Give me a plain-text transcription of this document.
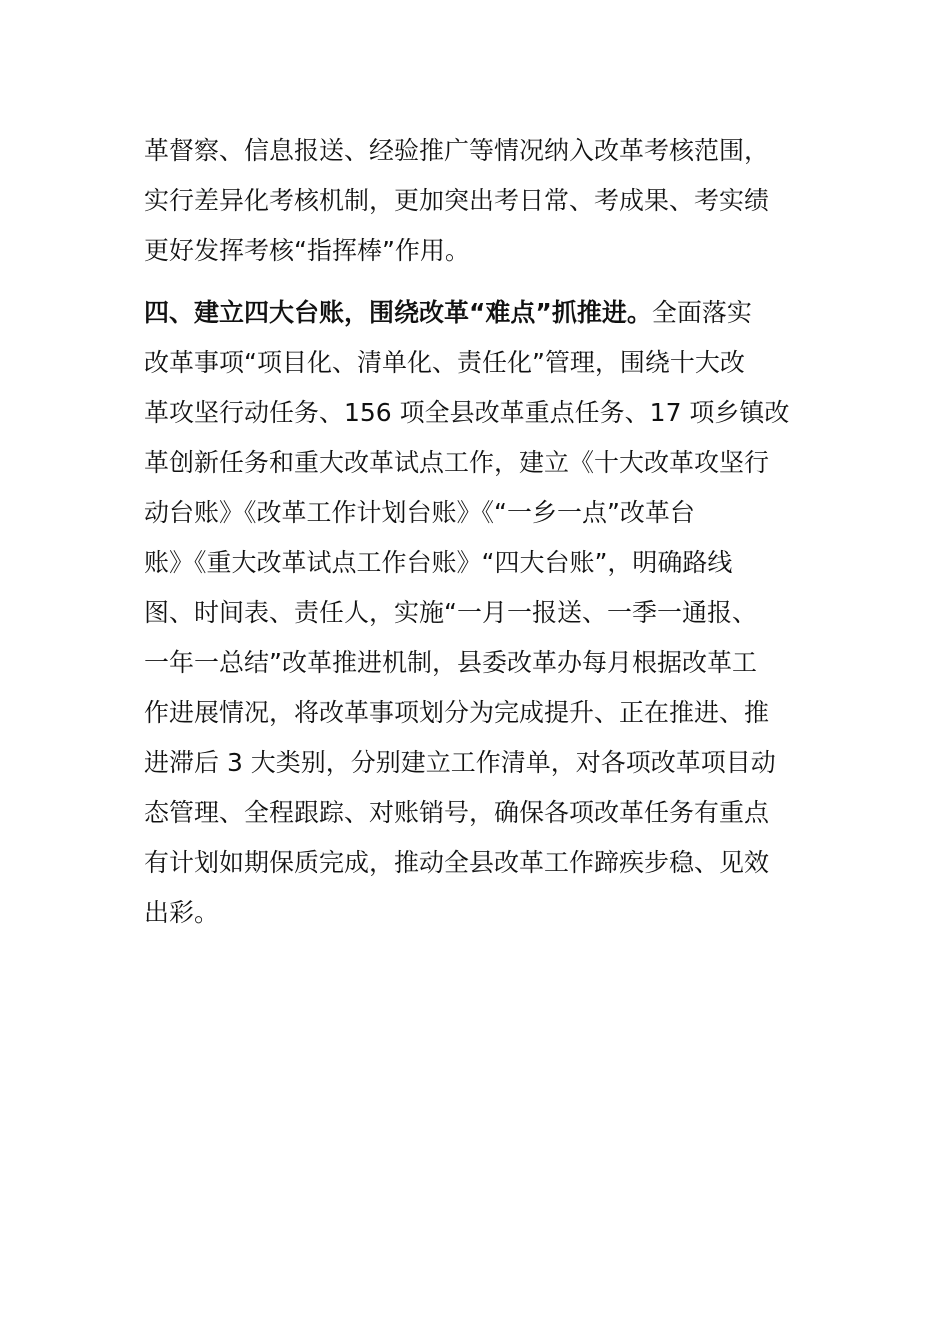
革督察、信息报送、经验推广等情况纳入改革考核范围，
实行差异化考核机制，更加突出考日常、考成果、考实绩
更好发挥考核“指挥棒”作用。
四、建立四大台账，围绕改革“难点”抓推进。全面落实
改革事项“项目化、清单化、责任化”管理，围绕十大改
革攻坚行动任务、156 项全县改革重点任务、17 项乡镇改
革创新任务和重大改革试点工作，建立《十大改革攻坚行
动台账》《改革工作计划台账》《“一乡一点”改革台
账》《重大改革试点工作台账》“四大台账”，明确路线
图、时间表、责任人，实施“一月一报送、一季一通报、
一年一总结”改革推进机制，县委改革办每月根据改革工
作进展情况，将改革事项划分为完成提升、正在推进、推
进滞后 3 大类别，分别建立工作清单，对各项改革项目动
态管理、全程跟踪、对账销号，确保各项改革任务有重点
有计划如期保质完成，推动全县改革工作蹄疾步稳、见效
出彩。
